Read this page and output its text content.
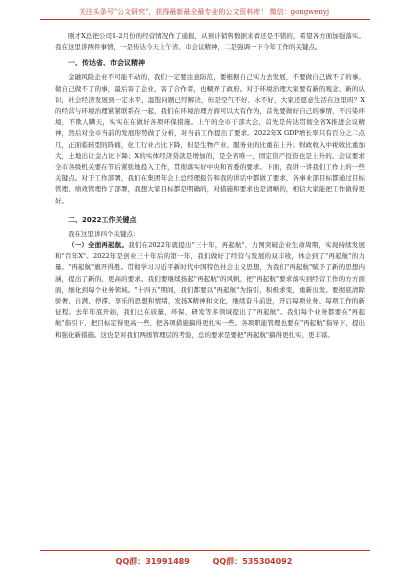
关注头条号"公文研究"，获得最新最全最专业的公文资料库！ 微信：gongwenyj

刚才X总把公司1-2月份的经营情况作了通报，从预计销售数据来看还是不错的，希望各方面加强落实。我在这里讲两件事情，一是传达今天上午省、市会议精神，二是强调一下今年工作的关键点。

一、传达省、市会议精神

金融风险企业不可能不动的，我们一定要注意防范，要根据自己实力去发展，不要做自己做不了的事。做自己做不了的事，最后害了企业，害了合作者，也糊弄了政府。对于环境治理大家要有新的观念、新的认识，社会经济发展到一定水平，温饱问题已经解决，但是空气不好、水不好，大家还愿意生活在这里吗？X的经营与环境治理紧紧联系在一起，我们在环境治理方面可以大有作为，首先要做好自己的事情，不污染环境，不欺人瞒天，实实在在做好各项环保措施。上午的全市干部大会，首先是传达贯彻全省X推进会议精神，然后对全市当前的发展形势做了分析，对当前工作提出了要求。2022年X GDP增长率只有百分之二点几，正面临转型的阵痛，化工行业占比下降，但是生物产业、服务业的比重在上升；财政收入中税收比重加大，土地出让金占比下降；X的实体经济贷款是增加的，是全省唯一，固定资产投资也是上升的。会议要求全市各级机关要在节后紧张地投入工作，贯彻落实好中央和省委的要求。下面，我讲一讲我们工作上的一些关键点。对于工作部署，我们在集团年会上总经理报告和我的讲话中都做了要求，各事业部目标都通过目标管理、绩效管理作了部署，我想大家目标都是明确的，对措施和要求也是清晰的，相信大家能把工作做得更好。

二、2022工作关键点

我在这里讲四个关键点：

（一）全面再起航。我们在2022年就提出"三十年，再起航"，力图突破企业生命周期，实现持续发展和"百年X"。2022年是创业三十年后的第一年，我们做好了经营与发展的双丰收，体会到了"再起航"的力量。"再起航"旗开得胜。贯彻学习习近平新时代中国特色社会主义思想，为我们"再起航"赋予了新的思想内涵，提出了新的、更高的要求。我们要继续扬起"再起航"的风帆，把"再起航"要求落实到经营工作的方方面面，细化到每个业务领域。"十四五"期间，我们都要以"再起航"为指引，积极求变，重新出发。要彻底清除骄奢、自满、停滞、享乐的思想和情绪，发扬X精神和文化，继续奋斗前进，开启每项业务、每项工作的新征程。去年年底开始，我们已在质量、环保、研发等多领域提出了"再起航"。我们每个业务都要在"再起航"指引下，把目标定得更高一些，把各项措施搞得更扎实一些。各项职能管理也要在"再起航"指导下，提出和强化新措施。这也是对我们两级管理层的考验，总的要求是要把"再起航"搞得更扎实、更丰富。

QQ群：31991489	QQ群：535304092
